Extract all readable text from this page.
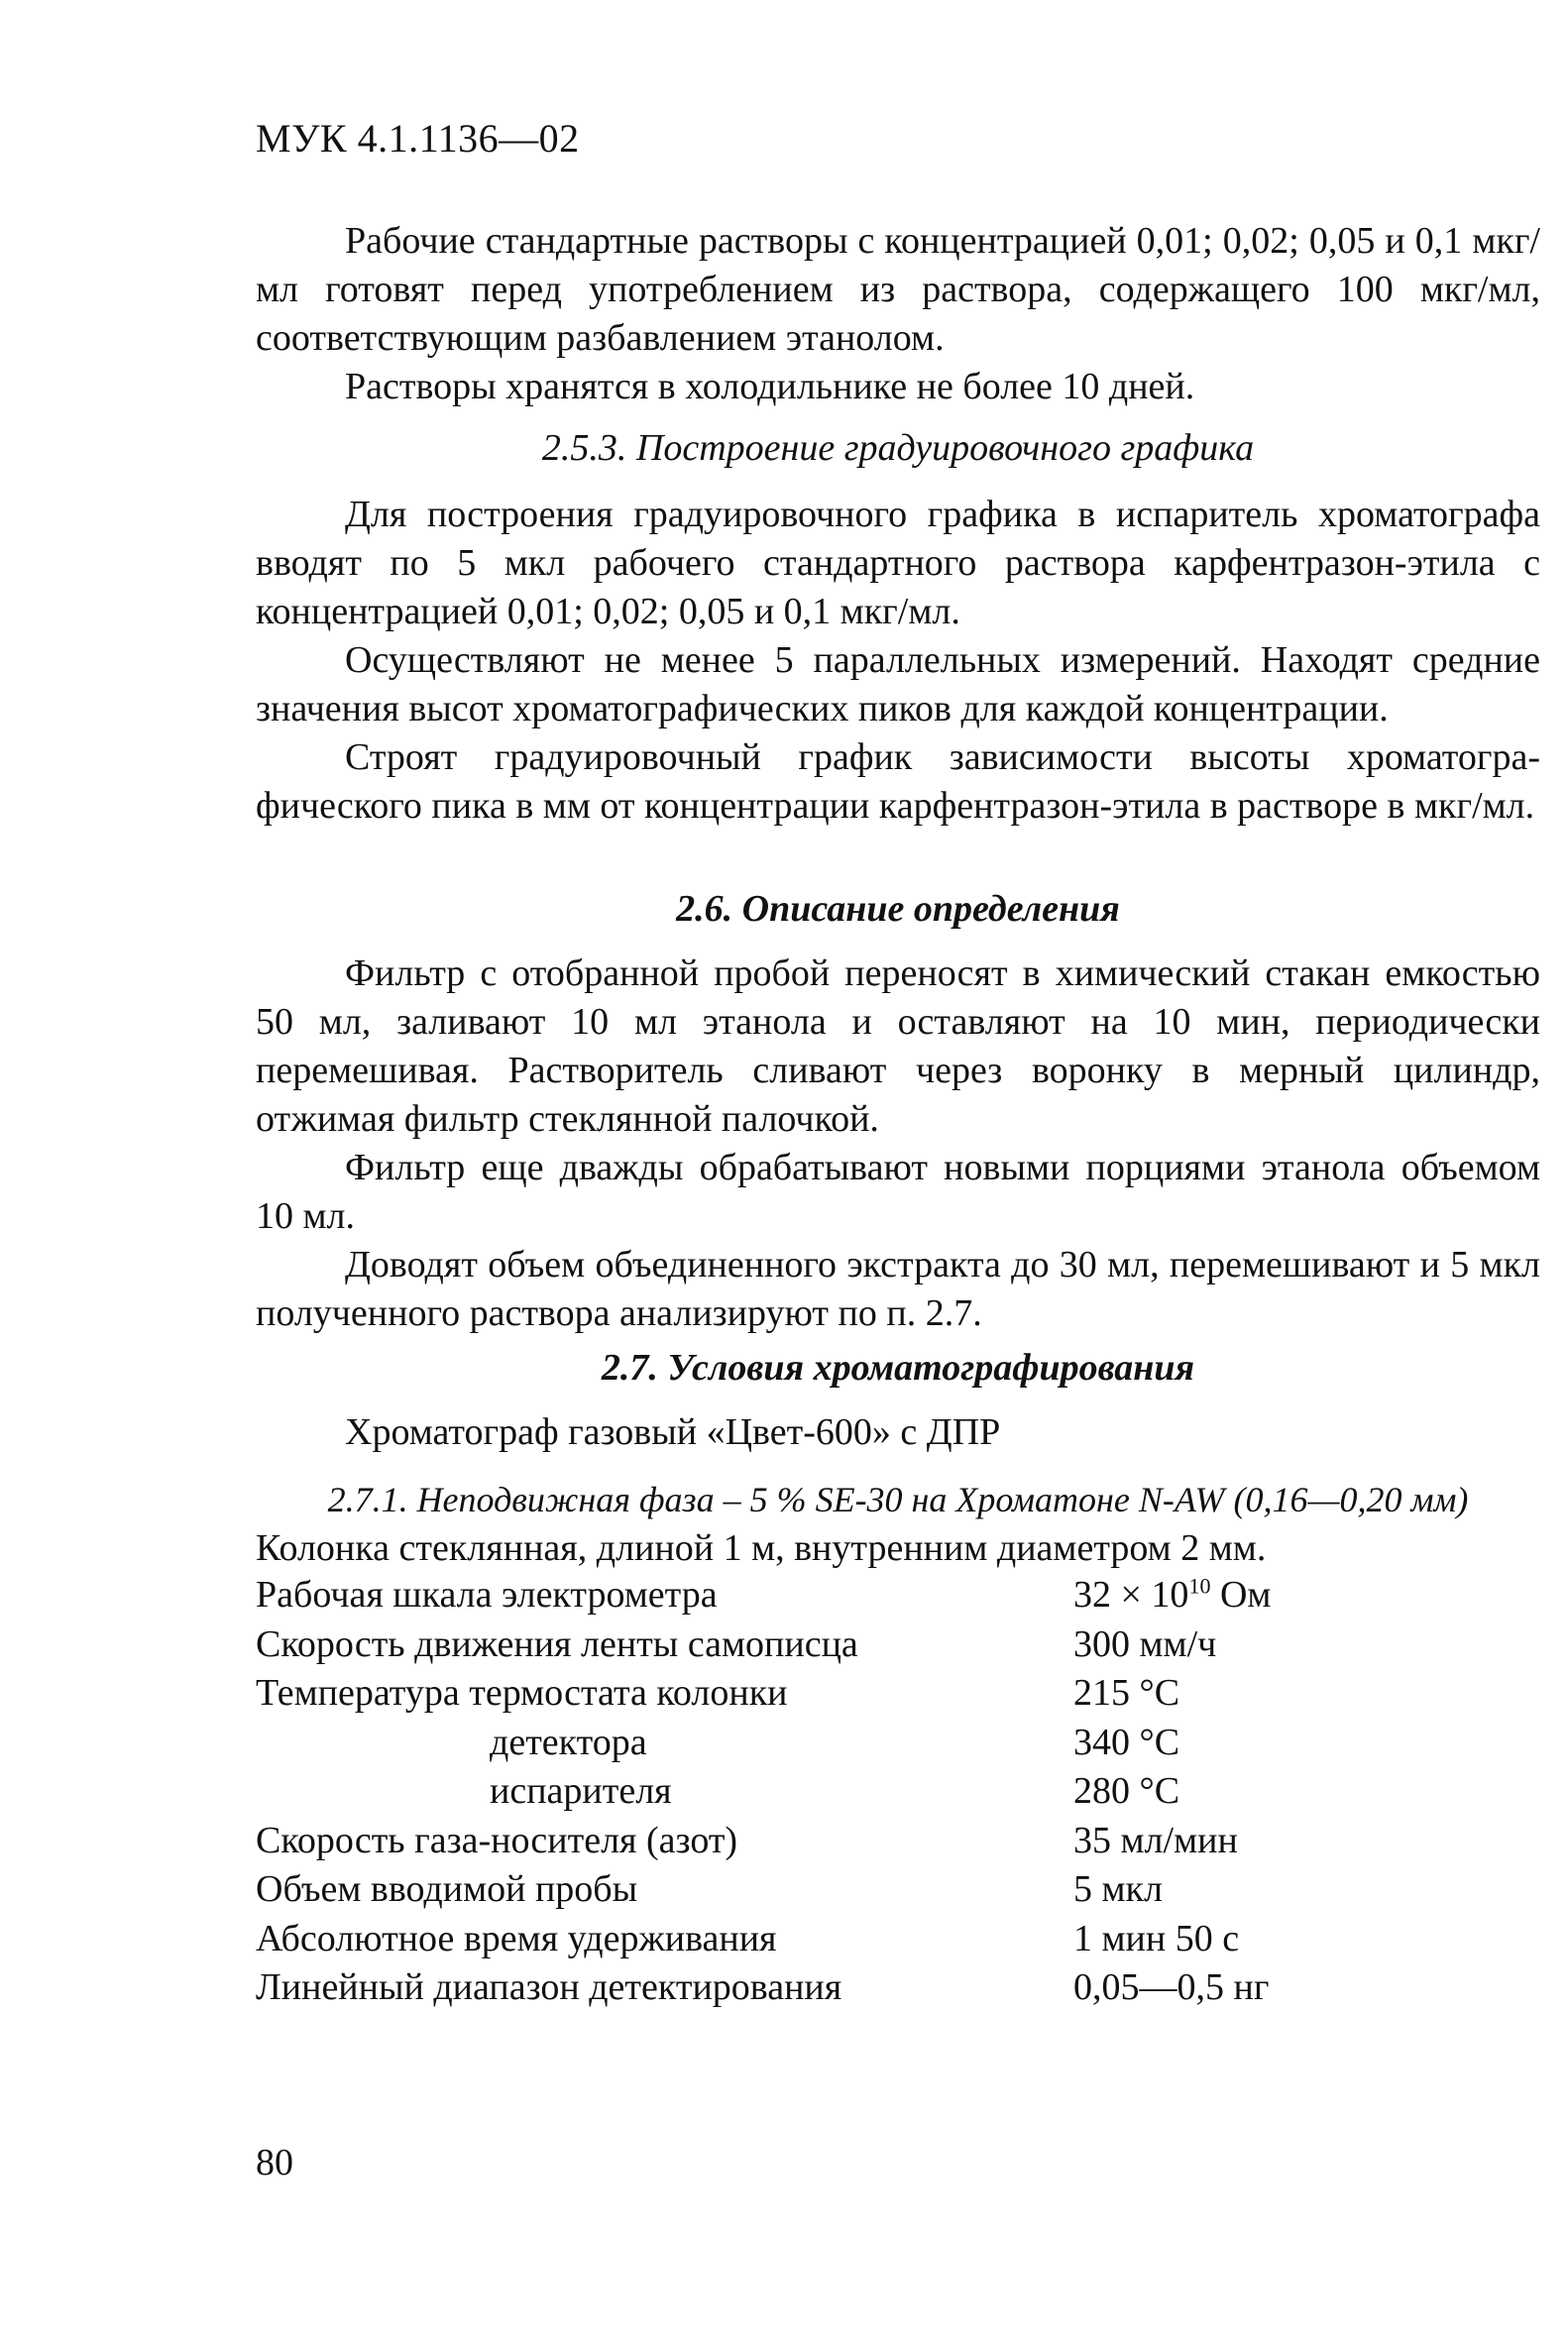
МУК 4.1.1136—02

Рабочие стандартные растворы с концентрацией 0,01; 0,02; 0,05 и 0,1 мкг/мл готовят перед употреблением из раствора, содержащего 100 мкг/мл, соответствующим разбавлением этанолом.

Растворы хранятся в холодильнике не более 10 дней.

2.5.3. Построение градуировочного графика

Для построения градуировочного графика в испаритель хроматографа вводят по 5 мкл рабочего стандартного раствора карфентразон-этила с концентрацией 0,01; 0,02; 0,05 и 0,1 мкг/мл.

Осуществляют не менее 5 параллельных измерений. Находят средние значения высот хроматографических пиков для каждой концентрации.

Строят градуировочный график зависимости высоты хроматографического пика в мм от концентрации карфентразон-этила в растворе в мкг/мл.

2.6. Описание определения

Фильтр с отобранной пробой переносят в химический стакан емкостью 50 мл, заливают 10 мл этанола и оставляют на 10 мин, периодически перемешивая. Растворитель сливают через воронку в мерный цилиндр, отжимая фильтр стеклянной палочкой.

Фильтр еще дважды обрабатывают новыми порциями этанола объемом 10 мл.

Доводят объем объединенного экстракта до 30 мл, перемешивают и 5 мкл полученного раствора анализируют по п. 2.7.

2.7. Условия хроматографирования
Хроматограф газовый «Цвет-600» с ДПР
2.7.1. Неподвижная фаза – 5 % SE-30 на Хроматоне N-AW (0,16—0,20 мм)
Колонка стеклянная, длиной 1 м, внутренним диаметром 2 мм.
Рабочая шкала электрометра	$32 \times 10^{10}$ Ом
Скорость движения ленты самописца	300 мм/ч
Температура термостата колонки	215 °С
детектора	340 °С
испарителя	280 °С
Скорость газа-носителя (азот)	35 мл/мин
Объем вводимой пробы	5 мкл
Абсолютное время удерживания	1 мин 50 с
Линейный диапазон детектирования	0,05—0,5 нг
80
